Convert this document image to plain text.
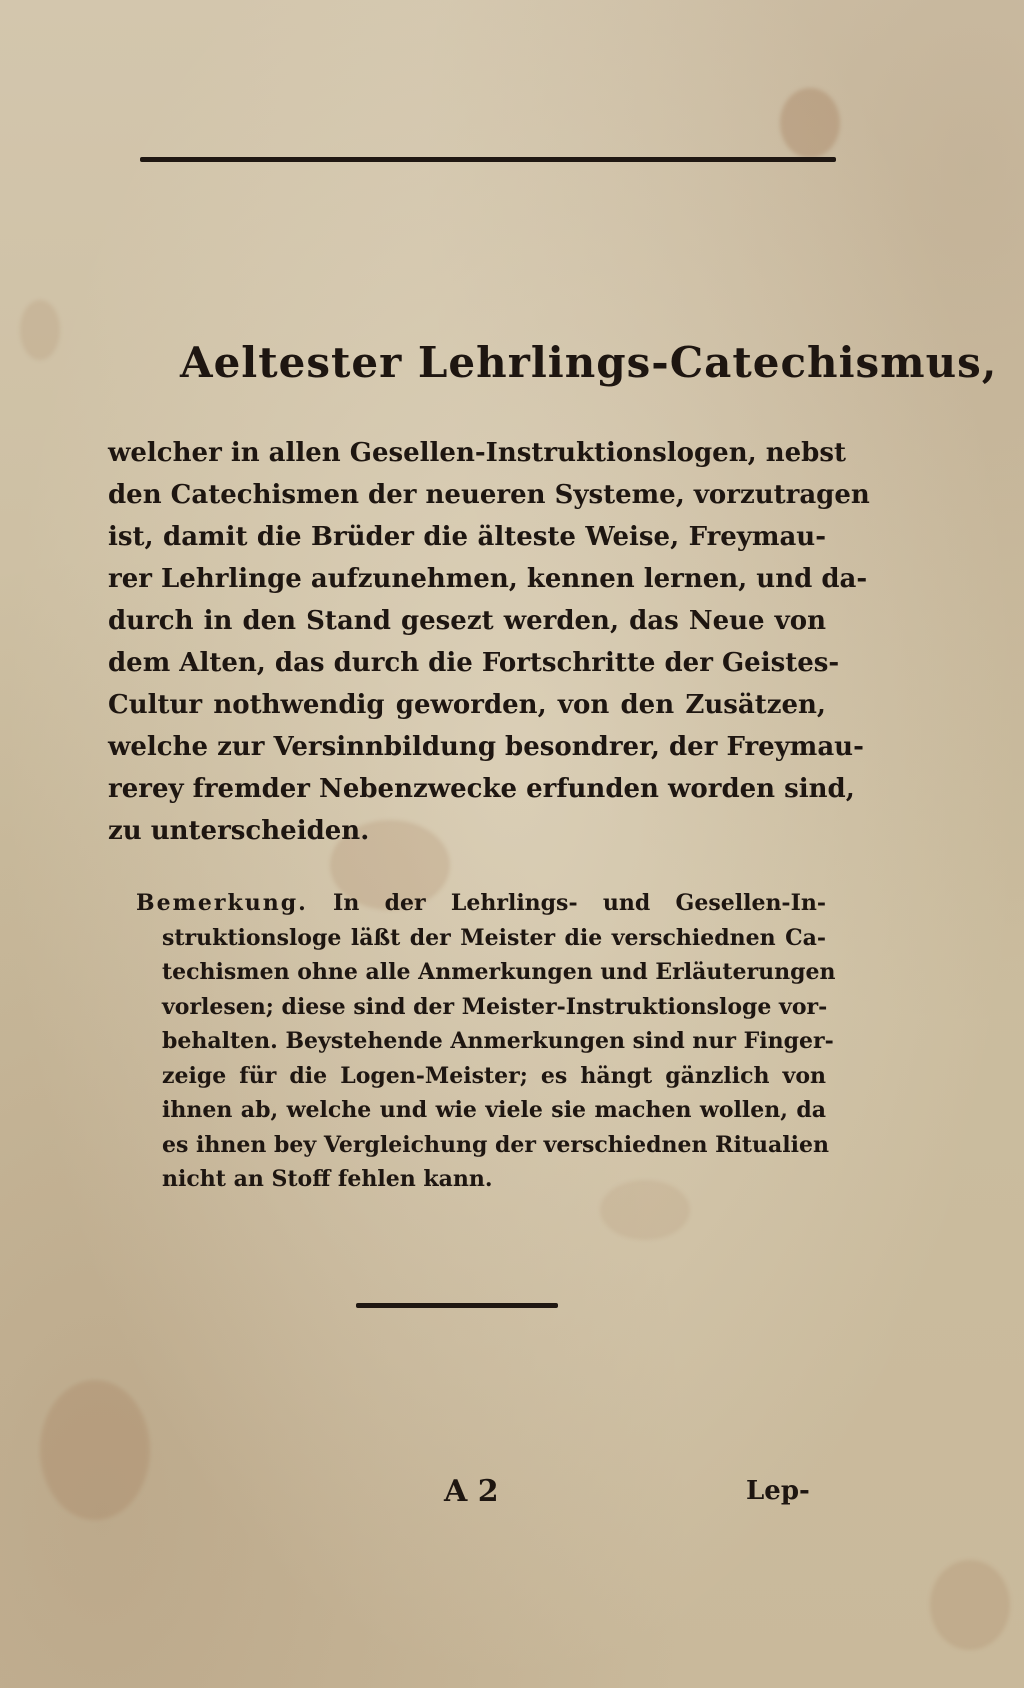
Aeltester Lehrlings-Catechismus,
welcher in allen Gesellen-Instruktionslogen, nebst
den Catechismen der neueren Systeme, vorzutragen
ist, damit die Brüder die älteste Weise, Freymau-
rer Lehrlinge aufzunehmen, kennen lernen, und da-
durch in den Stand gesezt werden, das Neue von
dem Alten, das durch die Fortschritte der Geistes-
Cultur nothwendig geworden, von den Zusätzen,
welche zur Versinnbildung besondrer, der Freymau-
rerey fremder Nebenzwecke erfunden worden sind,
zu unterscheiden.
Bemerkung. In der Lehrlings- und Gesellen-In-
struktionsloge läßt der Meister die verschiednen Ca-
techismen ohne alle Anmerkungen und Erläuterungen
vorlesen; diese sind der Meister-Instruktionsloge vor-
behalten. Beystehende Anmerkungen sind nur Finger-
zeige für die Logen-Meister; es hängt gänzlich von
ihnen ab, welche und wie viele sie machen wollen, da
es ihnen bey Vergleichung der verschiednen Ritualien
nicht an Stoff fehlen kann.
A 2	Lep-
